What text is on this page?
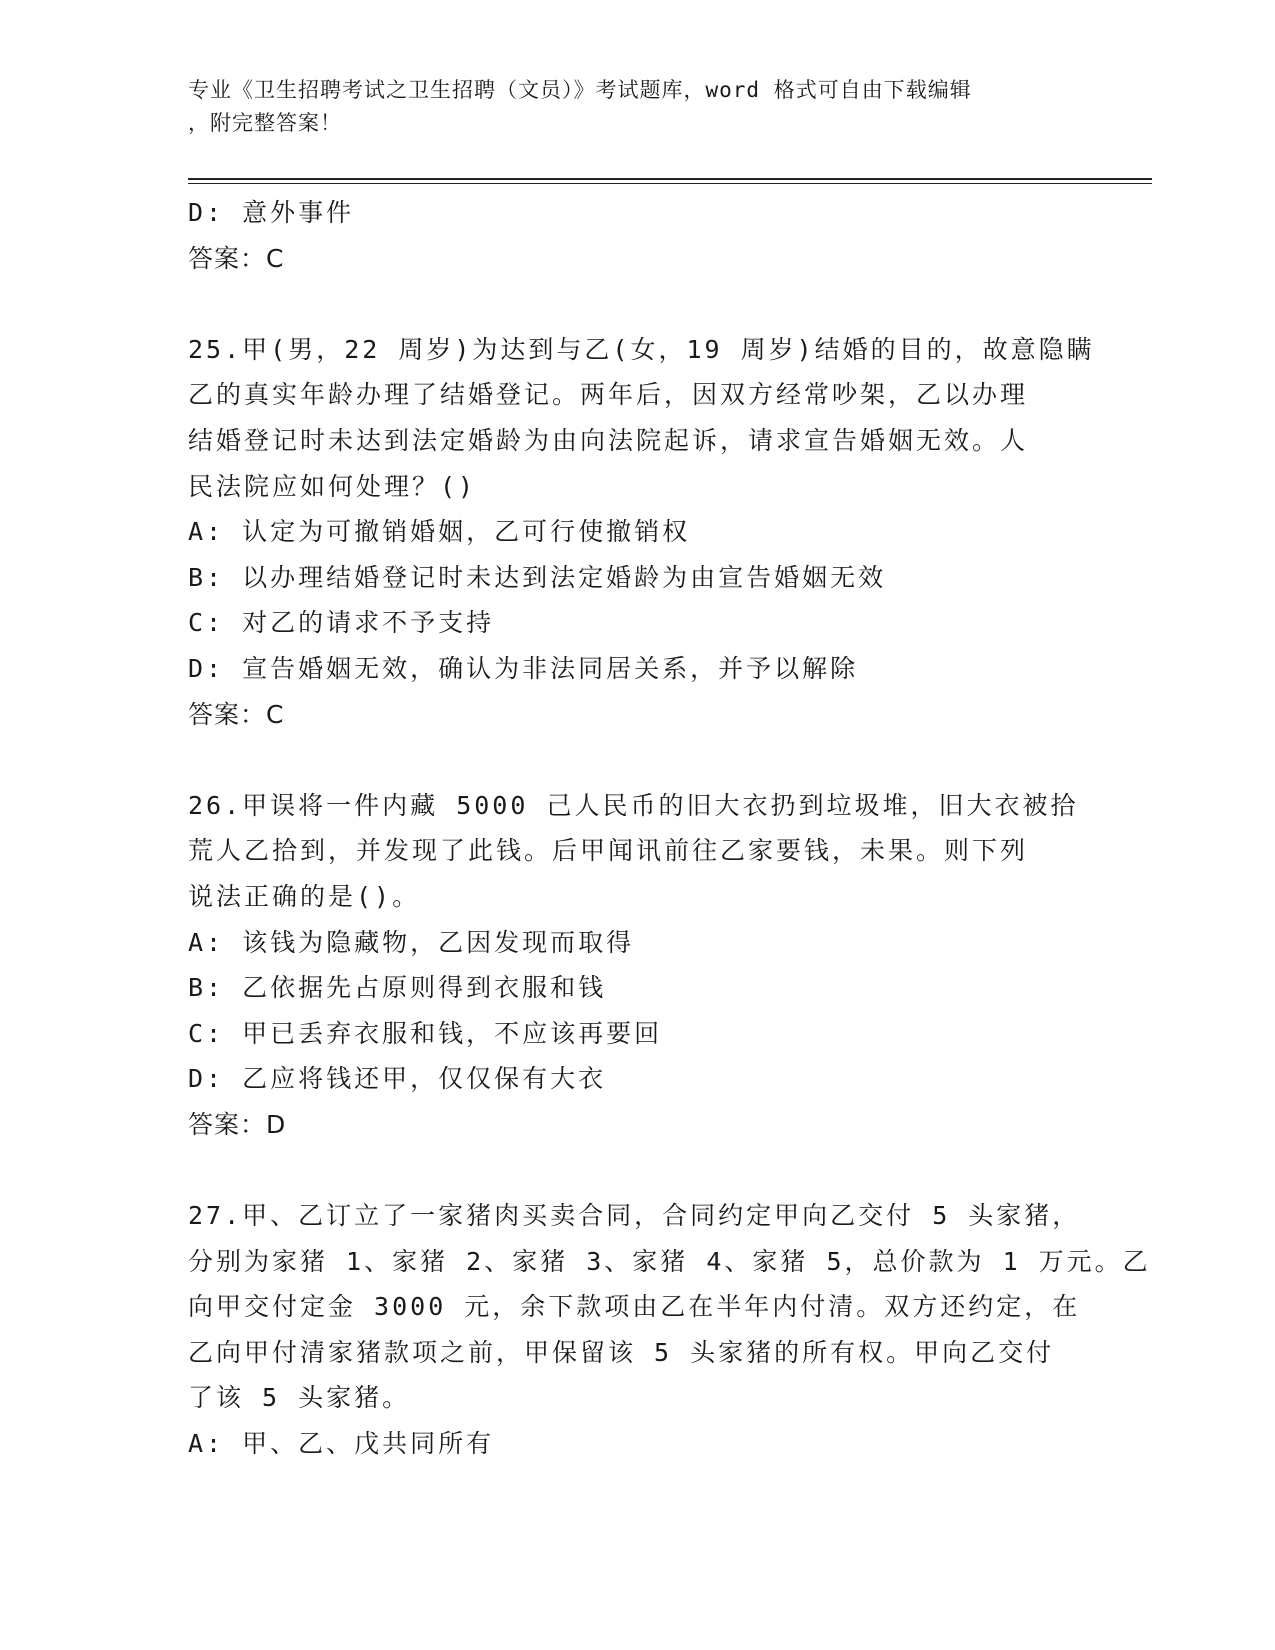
专业《卫生招聘考试之卫生招聘（文员）》考试题库，word 格式可自由下载编辑
，附完整答案！
D: 意外事件
答案：C
25.甲(男，22 周岁)为达到与乙(女，19 周岁)结婚的目的，故意隐瞒
乙的真实年龄办理了结婚登记。两年后，因双方经常吵架，乙以办理
结婚登记时未达到法定婚龄为由向法院起诉，请求宣告婚姻无效。人
民法院应如何处理？()
A: 认定为可撤销婚姻，乙可行使撤销权
B: 以办理结婚登记时未达到法定婚龄为由宣告婚姻无效
C: 对乙的请求不予支持
D: 宣告婚姻无效，确认为非法同居关系，并予以解除
答案：C
26.甲误将一件内藏 5000 己人民币的旧大衣扔到垃圾堆，旧大衣被拾
荒人乙拾到，并发现了此钱。后甲闻讯前往乙家要钱，未果。则下列
说法正确的是()。
A: 该钱为隐藏物，乙因发现而取得
B: 乙依据先占原则得到衣服和钱
C: 甲已丢弃衣服和钱，不应该再要回
D: 乙应将钱还甲，仅仅保有大衣
答案：D
27.甲、乙订立了一家猪肉买卖合同，合同约定甲向乙交付 5 头家猪，
分别为家猪 1、家猪 2、家猪 3、家猪 4、家猪 5，总价款为 1 万元。乙
向甲交付定金 3000 元，余下款项由乙在半年内付清。双方还约定，在
乙向甲付清家猪款项之前，甲保留该 5 头家猪的所有权。甲向乙交付
了该 5 头家猪。
A: 甲、乙、戊共同所有
